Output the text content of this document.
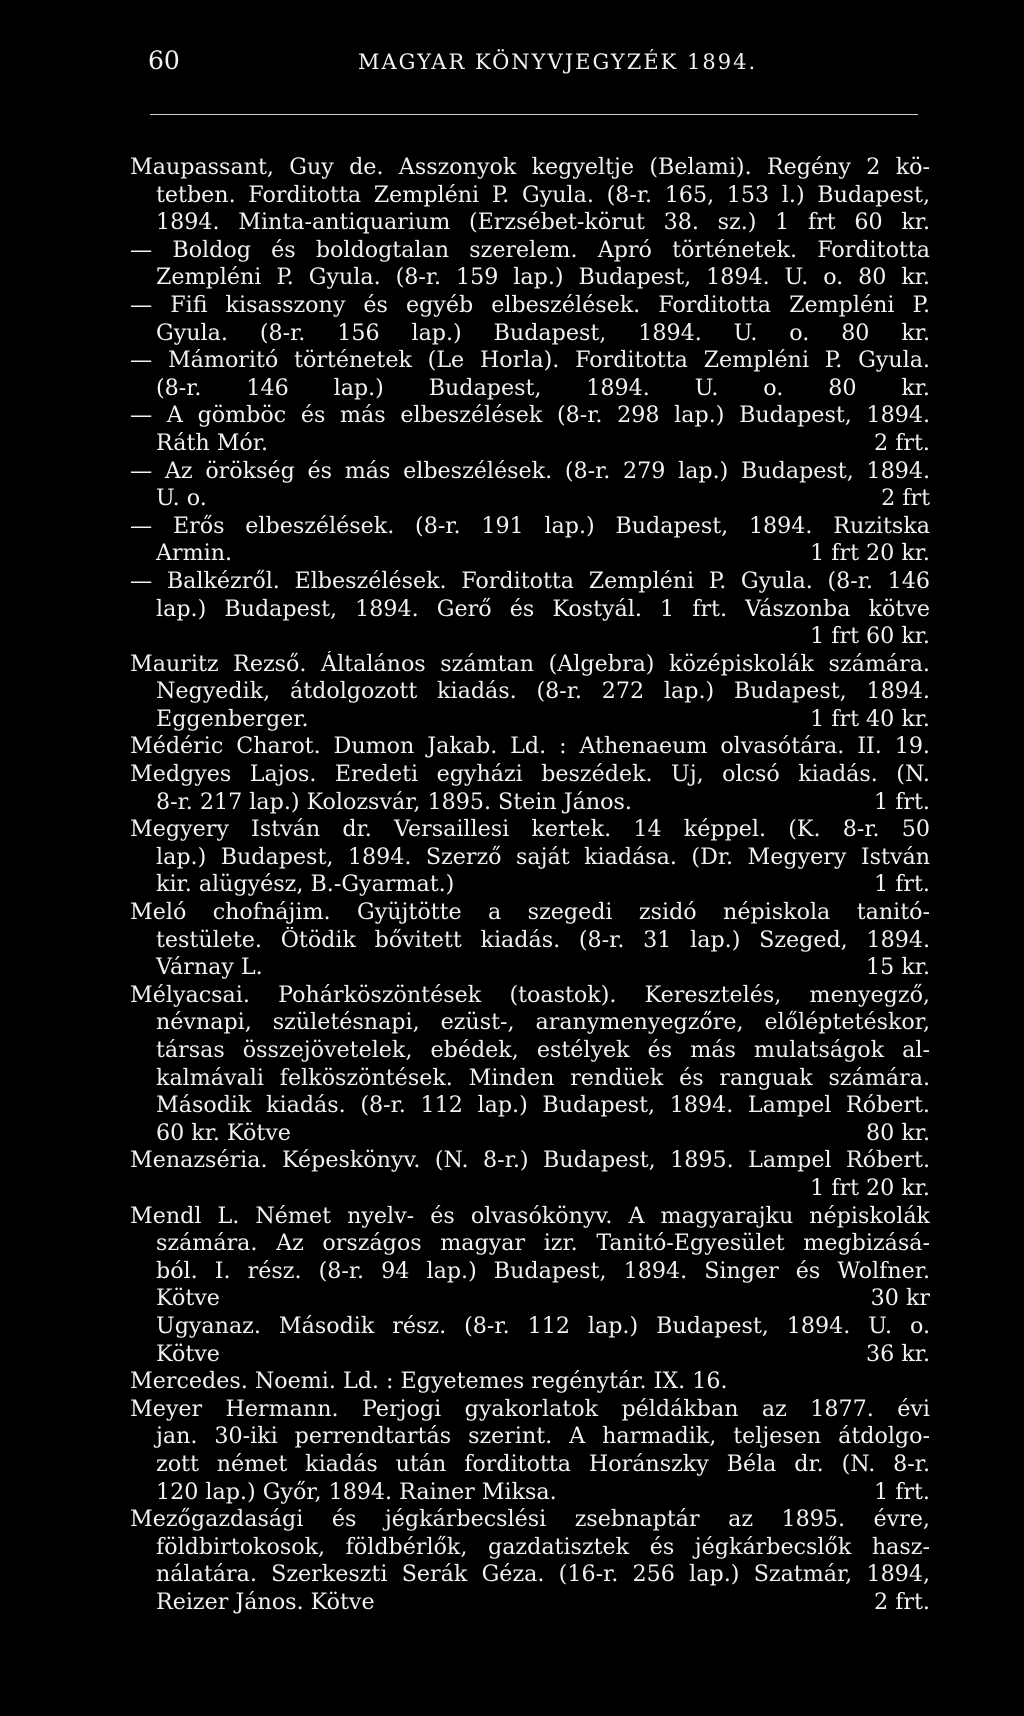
60	MAGYAR KÖNYVJEGYZÉK 1894.
Maupassant, Guy de. Asszonyok kegyeltje (Belami). Regény 2 kö-
tetben. Forditotta Zempléni P. Gyula. (8-r. 165, 153 l.) Budapest,
1894. Minta-antiquarium (Erzsébet-körut 38. sz.) 1 frt 60 kr.
— Boldog és boldogtalan szerelem. Apró történetek. Forditotta
Zempléni P. Gyula. (8-r. 159 lap.) Budapest, 1894. U. o. 80 kr.
— Fifi kisasszony és egyéb elbeszélések. Forditotta Zempléni P.
Gyula. (8-r. 156 lap.) Budapest, 1894. U. o. 80 kr.
— Mámoritó történetek (Le Horla). Forditotta Zempléni P. Gyula.
(8-r. 146 lap.) Budapest, 1894. U. o. 80 kr.
— A gömböc és más elbeszélések (8-r. 298 lap.) Budapest, 1894.
Ráth Mór.	2 frt.
— Az örökség és más elbeszélések. (8-r. 279 lap.) Budapest, 1894.
U. o.	2 frt
— Erős elbeszélések. (8-r. 191 lap.) Budapest, 1894. Ruzitska
Armin.	1 frt 20 kr.
— Balkézről. Elbeszélések. Forditotta Zempléni P. Gyula. (8-r. 146
lap.) Budapest, 1894. Gerő és Kostyál. 1 frt. Vászonba kötve
1 frt 60 kr.
Mauritz Rezső. Általános számtan (Algebra) középiskolák számára.
Negyedik, átdolgozott kiadás. (8-r. 272 lap.) Budapest, 1894.
Eggenberger.	1 frt 40 kr.
Médéric Charot. Dumon Jakab. Ld. : Athenaeum olvasótára. II. 19.
Medgyes Lajos. Eredeti egyházi beszédek. Uj, olcsó kiadás. (N.
8-r. 217 lap.) Kolozsvár, 1895. Stein János.	1 frt.
Megyery István dr. Versaillesi kertek. 14 képpel. (K. 8-r. 50
lap.) Budapest, 1894. Szerző saját kiadása. (Dr. Megyery István
kir. alügyész, B.-Gyarmat.)	1 frt.
Meló chofnájim. Gyüjtötte a szegedi zsidó népiskola tanitó-
testülete. Ötödik bővitett kiadás. (8-r. 31 lap.) Szeged, 1894.
Várnay L.	15 kr.
Mélyacsai. Pohárköszöntések (toastok). Keresztelés, menyegző,
névnapi, születésnapi, ezüst-, aranymenyegzőre, előléptetéskor,
társas összejövetelek, ebédek, estélyek és más mulatságok al-
kalmávali felköszöntések. Minden rendüek és ranguak számára.
Második kiadás. (8-r. 112 lap.) Budapest, 1894. Lampel Róbert.
60 kr. Kötve	80 kr.
Menazséria. Képeskönyv. (N. 8-r.) Budapest, 1895. Lampel Róbert.
1 frt 20 kr.
Mendl L. Német nyelv- és olvasókönyv. A magyarajku népiskolák
számára. Az országos magyar izr. Tanitó-Egyesület megbizásá-
ból. I. rész. (8-r. 94 lap.) Budapest, 1894. Singer és Wolfner.
Kötve	30 kr
Ugyanaz. Második rész. (8-r. 112 lap.) Budapest, 1894. U. o.
Kötve	36 kr.
Mercedes. Noemi. Ld. : Egyetemes regénytár. IX. 16.
Meyer Hermann. Perjogi gyakorlatok példákban az 1877. évi
jan. 30-iki perrendtartás szerint. A harmadik, teljesen átdolgo-
zott német kiadás után forditotta Horánszky Béla dr. (N. 8-r.
120 lap.) Győr, 1894. Rainer Miksa.	1 frt.
Mezőgazdasági és jégkárbecslési zsebnaptár az 1895. évre,
földbirtokosok, földbérlők, gazdatisztek és jégkárbecslők hasz-
nálatára. Szerkeszti Serák Géza. (16-r. 256 lap.) Szatmár, 1894,
Reizer János. Kötve	2 frt.
